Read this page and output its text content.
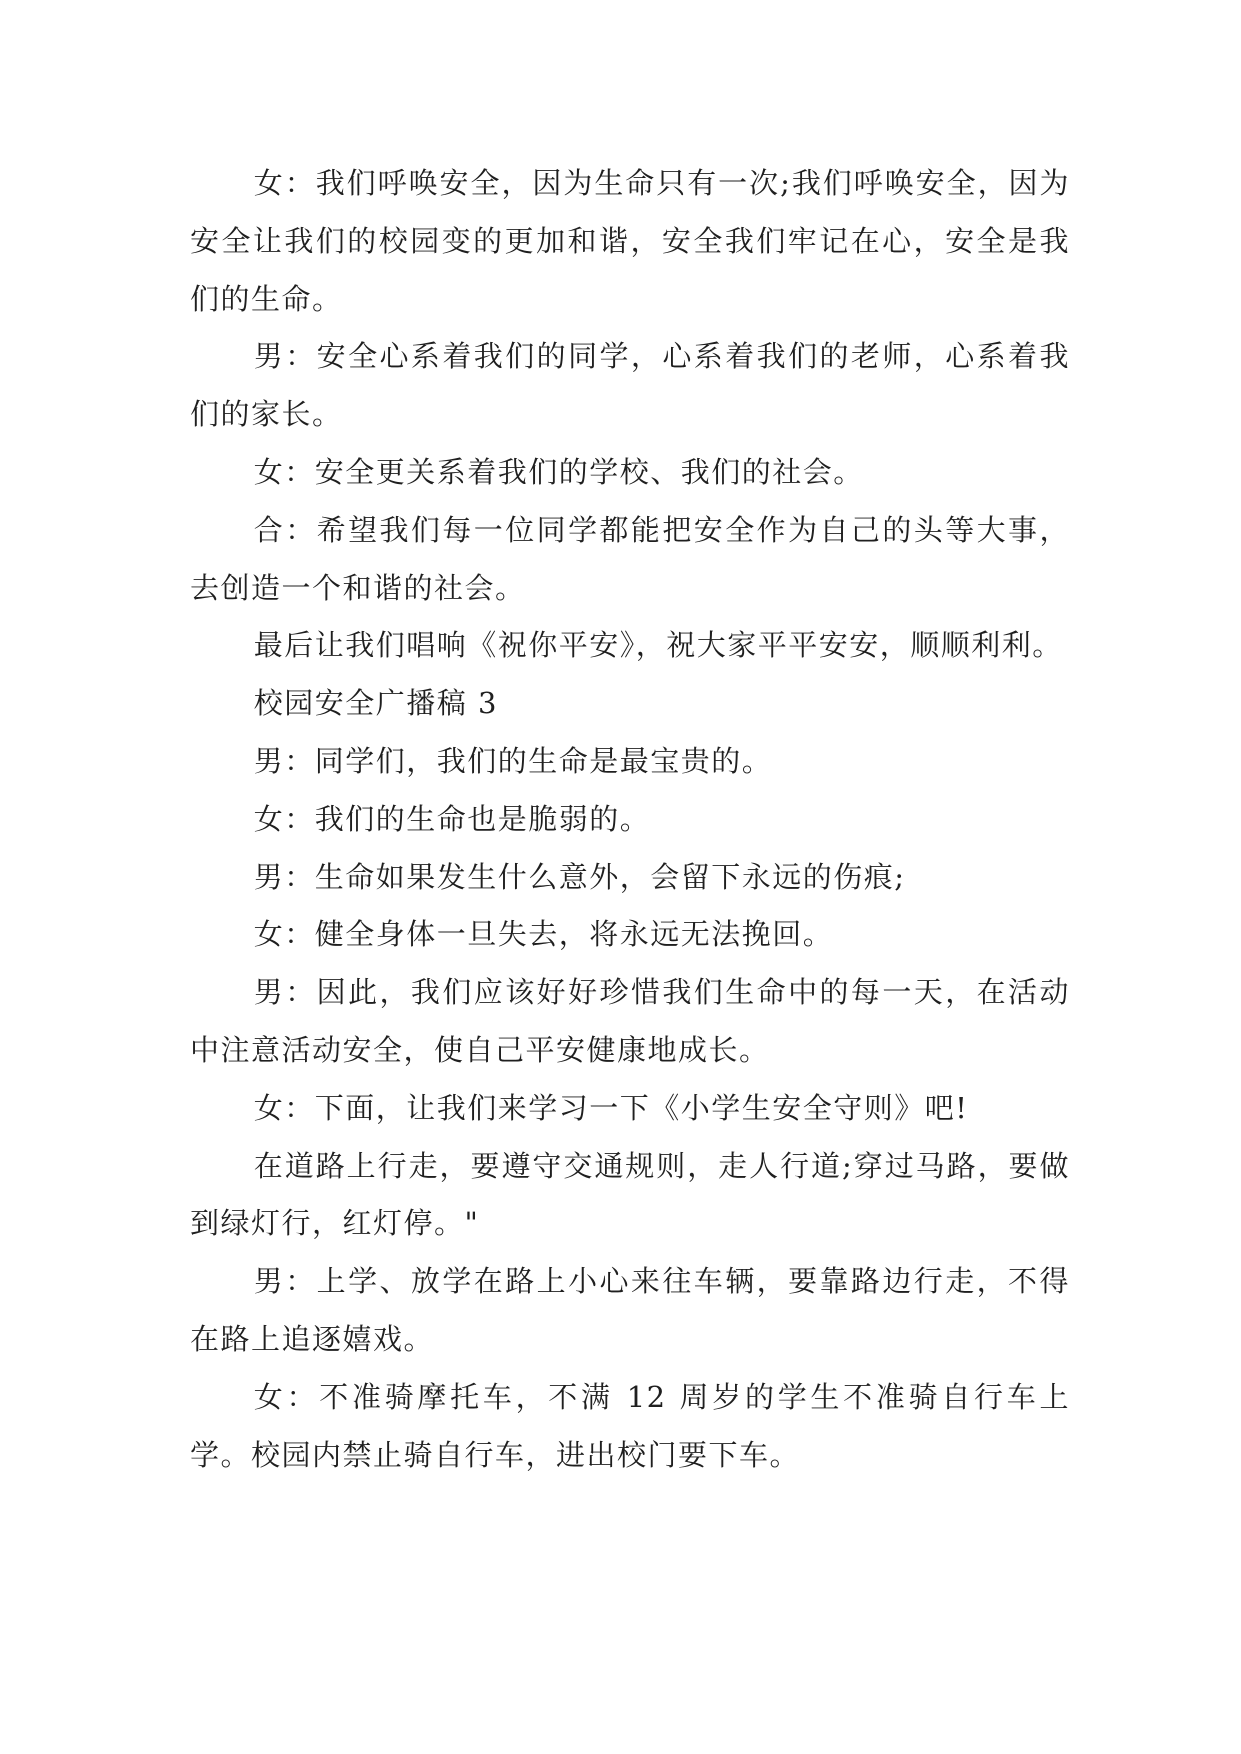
女：我们呼唤安全，因为生命只有一次;我们呼唤安全，因为安全让我们的校园变的更加和谐，安全我们牢记在心，安全是我们的生命。

男：安全心系着我们的同学，心系着我们的老师，心系着我们的家长。

女：安全更关系着我们的学校、我们的社会。

合：希望我们每一位同学都能把安全作为自己的头等大事，去创造一个和谐的社会。

最后让我们唱响《祝你平安》，祝大家平平安安，顺顺利利。

校园安全广播稿 3

男：同学们，我们的生命是最宝贵的。

女：我们的生命也是脆弱的。

男：生命如果发生什么意外，会留下永远的伤痕;

女：健全身体一旦失去，将永远无法挽回。

男：因此，我们应该好好珍惜我们生命中的每一天，在活动中注意活动安全，使自己平安健康地成长。

女：下面，让我们来学习一下《小学生安全守则》吧!

在道路上行走，要遵守交通规则，走人行道;穿过马路，要做到绿灯行，红灯停。"

男：上学、放学在路上小心来往车辆，要靠路边行走，不得在路上追逐嬉戏。

女：不准骑摩托车，不满 12 周岁的学生不准骑自行车上学。校园内禁止骑自行车，进出校门要下车。
